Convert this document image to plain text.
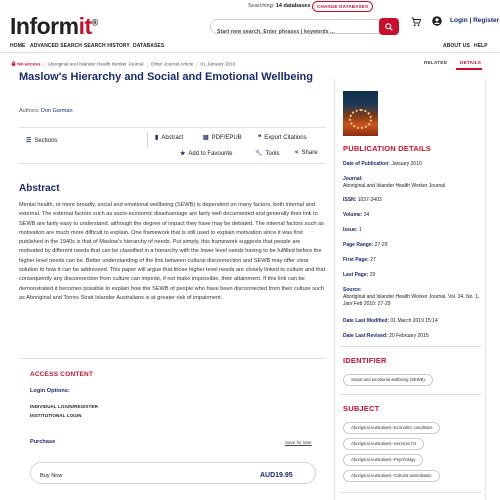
Informit®
Searching: 14 databases	CHANGE DATABASES
Start new search. Enter phrases | keywords ...
Login | Register
HOME ADVANCED SEARCH SEARCH HISTORY DATABASES	ABOUT US HELP
No access | Aboriginal and Islander Health Worker Journal | Other Journal Article | 01 January 2010
Maslow's Hierarchy and Social and Emotional Wellbeing
Authors: Don Gorman
☰ Sections	▮ Abstract	▤ PDF/EPUB	❝ Export Citations
★ Add to Favourite	🔧 Tools	< Share
Abstract
Mental health, or more broadly, social and emotional wellbeing (SEWB) is dependent on many factors, both internal and external. The external factors such as socio-economic disadvantage are fairly well documented and generally their link to SEWB are fairly easy to understand, although the degree of impact they have may be debated. The internal factors such as motivation are much more difficult to explain. One framework that is still used to explain motivation since it was first published in the 1940s is that of Maslow's hierarchy of needs. Put simply, this framework suggests that people are motivated by different needs that can be classified in a hierarchy with the lower level needs having to be fulfilled before the higher level needs can be. Better understanding of the link between cultural disconnection and SEWB may offer clear solution to how it can be addressed. This paper will argue that those higher level needs are closely linked to culture and that consequently any disconnection from culture can impede, if not make impossible, their attainment. If this link can be demonstrated it becomes possible to explain how the SEWB of people who have been disconnected from their culture such as Aboriginal and Torres Strait Islander Australians is at greater risk of impairment.
ACCESS CONTENT
Login Options:
INDIVIDUAL LOGIN/REGISTER
INSTITUTIONAL LOGIN
Purchase	Save for later
Buy Now	AUD19.95
RELATED	DETAILS
PUBLICATION DETAILS
Date of Publication: January 2010
Journal:
Aboriginal and Islander Health Worker Journal
ISSN: 1037-3403
Volume: 34
Issue: 1
Page Range: 27-29
First Page: 27
Last Page: 29
Source:
Aboriginal and Islander Health Worker Journal, Vol. 34, No. 1, Jan/ Feb 2010: 27-29
Date Last Modified: 01 March 2019 15:14
Date Last Revised: 20 February 2015
IDENTIFIER
Social and emotional wellbeing (SEWB)
SUBJECT
Aboriginal Australians--Economic conditions
Aboriginal Australians--Services for
Aboriginal Australians--Psychology
Aboriginal Australians--Cultural assimilation
